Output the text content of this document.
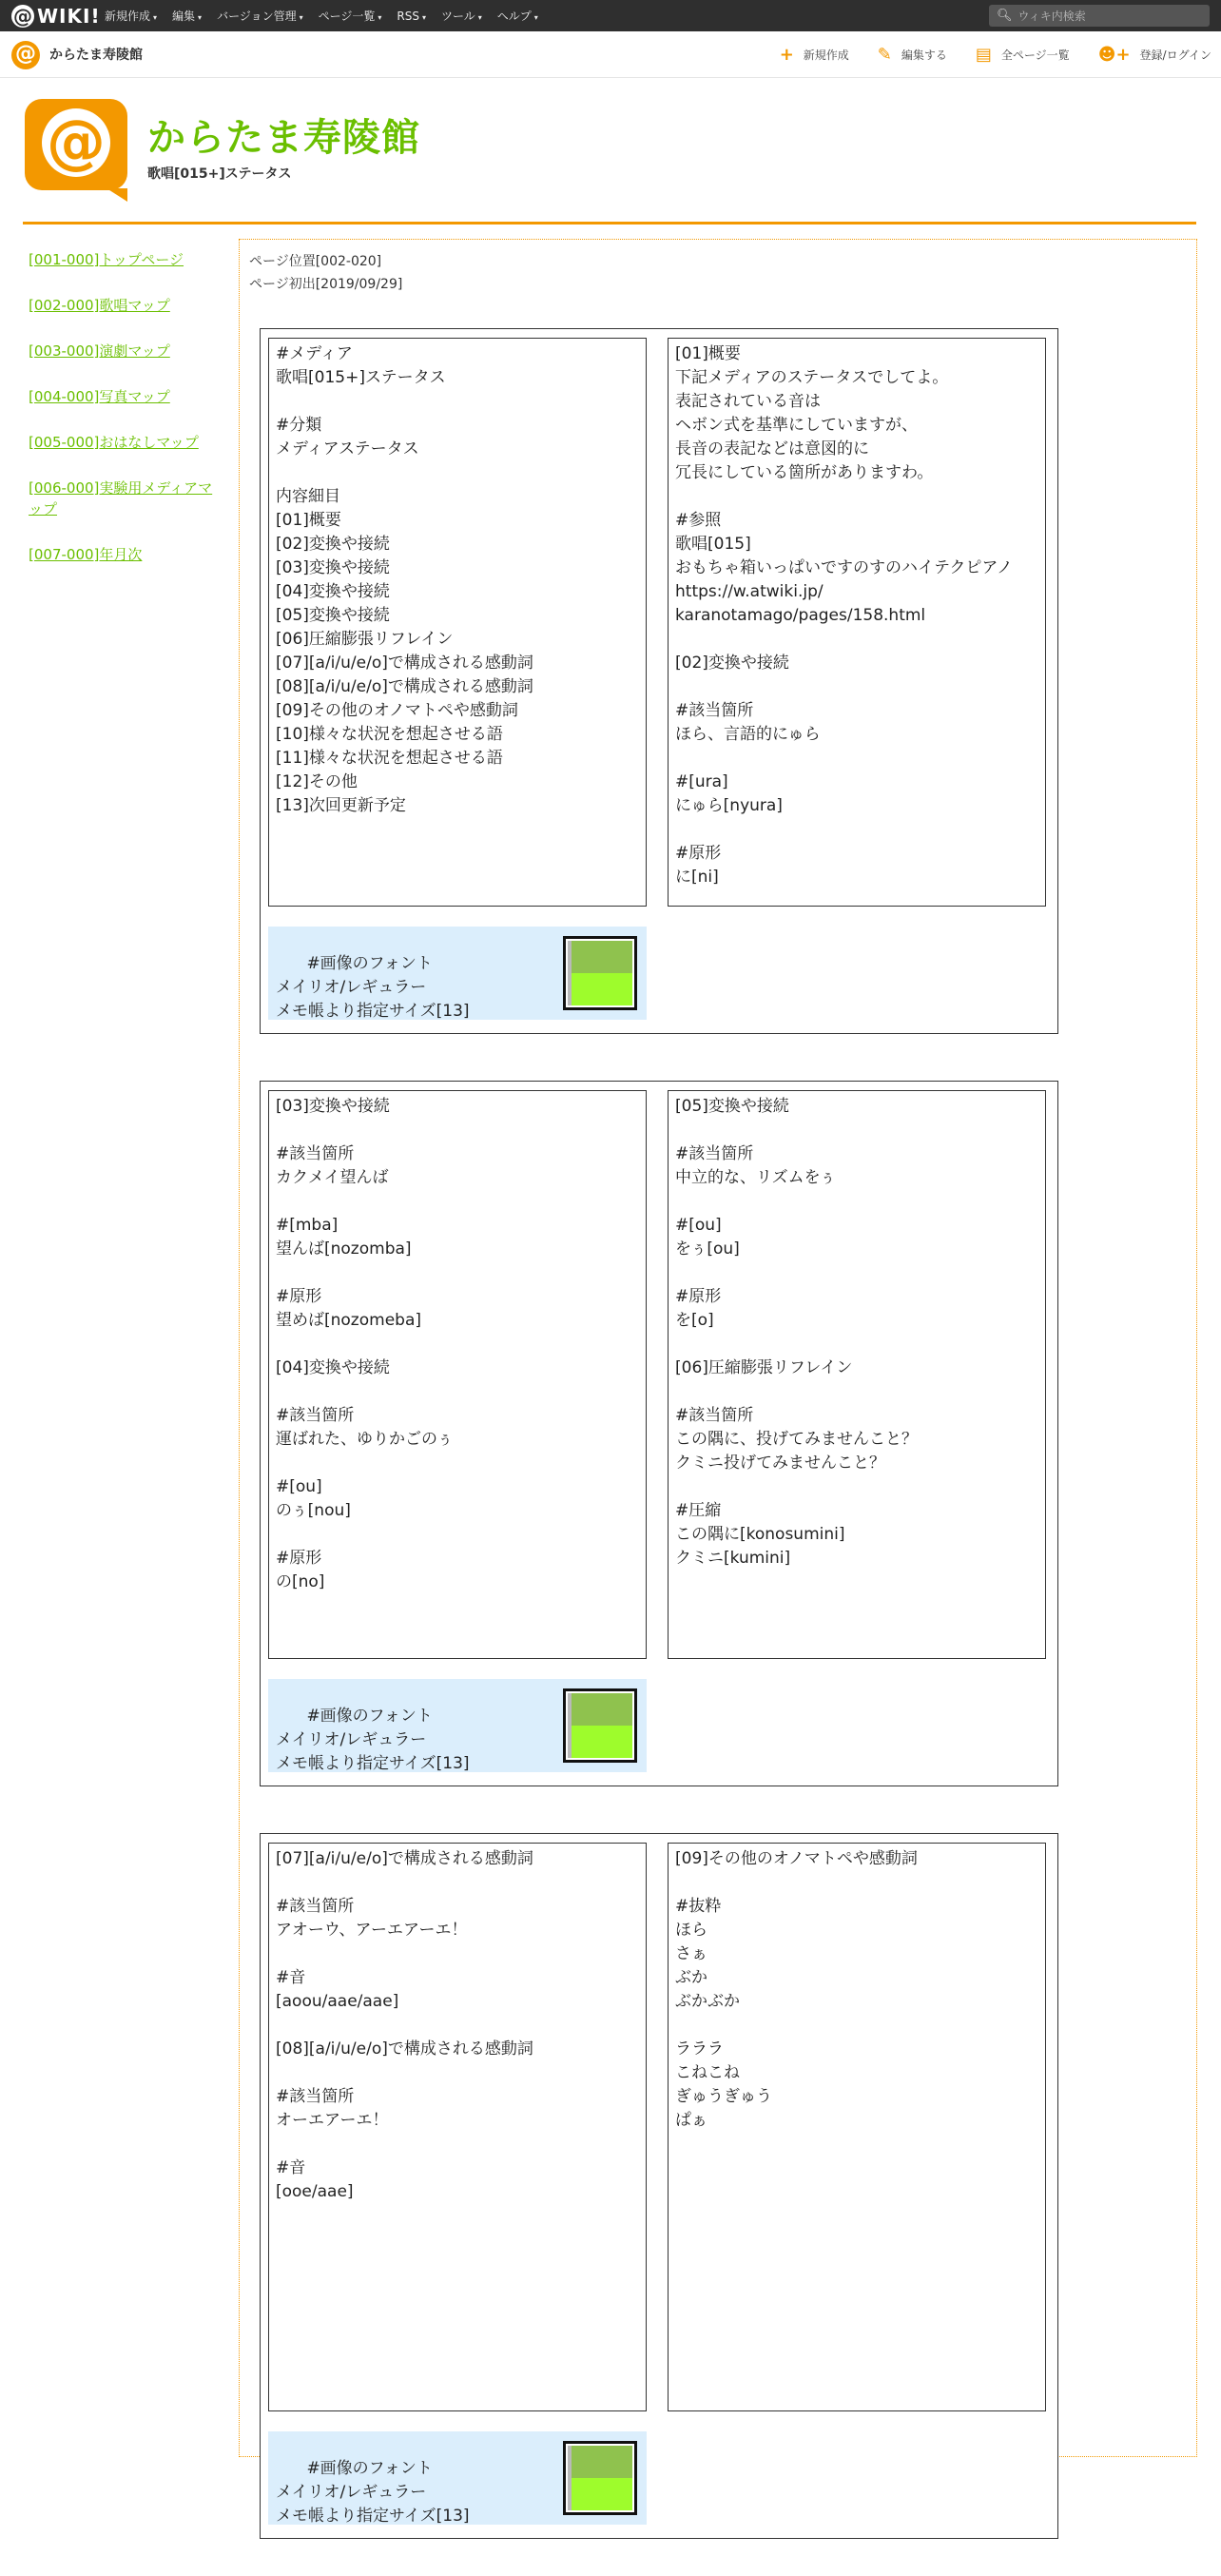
@ WIKI! 新規作成 ▾ 編集 ▾ バージョン管理 ▾ ページ一覧 ▾ RSS ▾ ツール ▾ ヘルプ ▾	🔍︎
ウィキ内検索
@ からたま寿陵館	+ 新規作成 ✎ 編集する ▤ 全ページ一覧 ☻+ 登録/ログイン
@ からたま寿陵館
歌唱[015+]ステータス
[001-000]トップページ
[002-000]歌唱マップ
[003-000]演劇マップ
[004-000]写真マップ
[005-000]おはなしマップ
[006-000]実験用メディアマップ
[007-000]年月次
ページ位置[002-020]
ページ初出[2019/09/29]
#メディア
歌唱[015+]ステータス

#分類
メディアステータス

内容細目
[01]概要
[02]変換や接続
[03]変換や接続
[04]変換や接続
[05]変換や接続
[06]圧縮膨張リフレイン
[07][a/i/u/e/o]で構成される感動詞
[08][a/i/u/e/o]で構成される感動詞
[09]その他のオノマトペや感動詞
[10]様々な状況を想起させる語
[11]様々な状況を想起させる語
[12]その他
[13]次回更新予定
[01]概要
下記メディアのステータスでしてよ。
表記されている音は
ヘボン式を基準にしていますが、
長音の表記などは意図的に
冗長にしている箇所がありますわ。

#参照
歌唱[015]
おもちゃ箱いっぱいですのすのハイテクピアノ
https://w.atwiki.jp/
karanotamago/pages/158.html

[02]変換や接続

#該当箇所
ほら、言語的にゅら

#[ura]
にゅら[nyura]

#原形
に[ni]

#画像のフォント
メイリオ/レギュラー
メモ帳より指定サイズ[13]

[03]変換や接続

#該当箇所
カクメイ望んば

#[mba]
望んば[nozomba]

#原形
望めば[nozomeba]

[04]変換や接続

#該当箇所
運ばれた、ゆりかごのぅ

#[ou]
のぅ[nou]

#原形
の[no]
[05]変換や接続

#該当箇所
中立的な、リズムをぅ

#[ou]
をぅ[ou]

#原形
を[o]

[06]圧縮膨張リフレイン

#該当箇所
この隅に、投げてみませんこと？
クミニ投げてみませんこと？

#圧縮
この隅に[konosumini]
クミニ[kumini]

#画像のフォント
メイリオ/レギュラー
メモ帳より指定サイズ[13]

[07][a/i/u/e/o]で構成される感動詞

#該当箇所
アオーウ、アーエアーエ！

#音
[aoou/aae/aae]

[08][a/i/u/e/o]で構成される感動詞

#該当箇所
オーエアーエ！

#音
[ooe/aae]
[09]その他のオノマトペや感動詞

#抜粋
ほら
さぁ
ぶか
ぶかぶか

ラララ
こねこね
ぎゅうぎゅう
ぱぁ

#画像のフォント
メイリオ/レギュラー
メモ帳より指定サイズ[13]
